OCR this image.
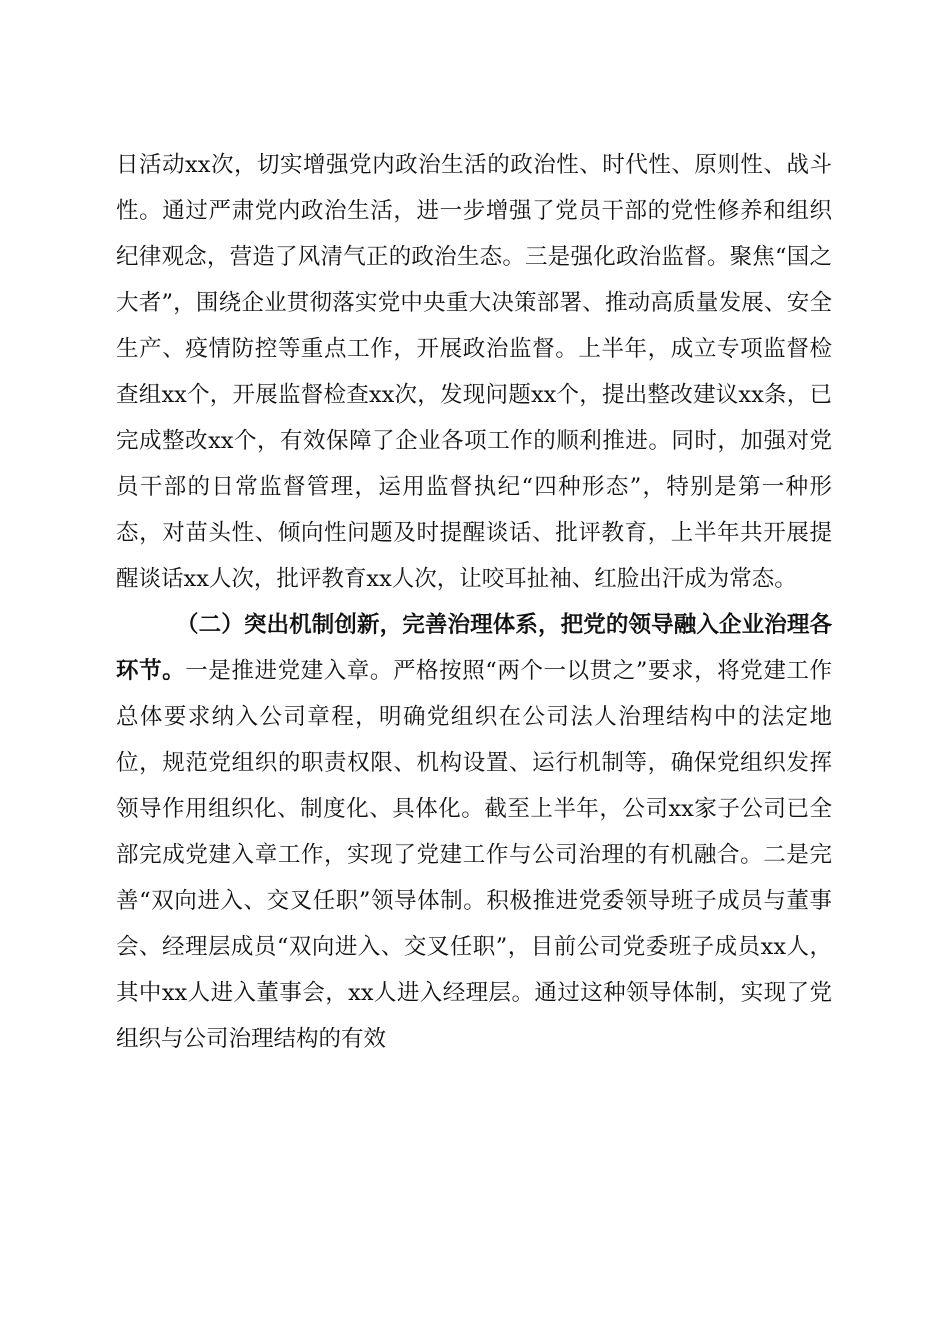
日活动xx次，切实增强党内政治生活的政治性、时代性、原则性、战斗性。通过严肃党内政治生活，进一步增强了党员干部的党性修养和组织纪律观念，营造了风清气正的政治生态。三是强化政治监督。聚焦“国之大者”，围绕企业贯彻落实党中央重大决策部署、推动高质量发展、安全生产、疫情防控等重点工作，开展政治监督。上半年，成立专项监督检查组xx个，开展监督检查xx次，发现问题xx个，提出整改建议xx条，已完成整改xx个，有效保障了企业各项工作的顺利推进。同时，加强对党员干部的日常监督管理，运用监督执纪“四种形态”，特别是第一种形态，对苗头性、倾向性问题及时提醒谈话、批评教育，上半年共开展提醒谈话xx人次，批评教育xx人次，让咬耳扯袖、红脸出汗成为常态。

（二）突出机制创新，完善治理体系，把党的领导融入企业治理各环节。一是推进党建入章。严格按照“两个一以贯之”要求，将党建工作总体要求纳入公司章程，明确党组织在公司法人治理结构中的法定地位，规范党组织的职责权限、机构设置、运行机制等，确保党组织发挥领导作用组织化、制度化、具体化。截至上半年，公司xx家子公司已全部完成党建入章工作，实现了党建工作与公司治理的有机融合。二是完善“双向进入、交叉任职”领导体制。积极推进党委领导班子成员与董事会、经理层成员“双向进入、交叉任职”，目前公司党委班子成员xx人，其中xx人进入董事会，xx人进入经理层。通过这种领导体制，实现了党组织与公司治理结构的有效
